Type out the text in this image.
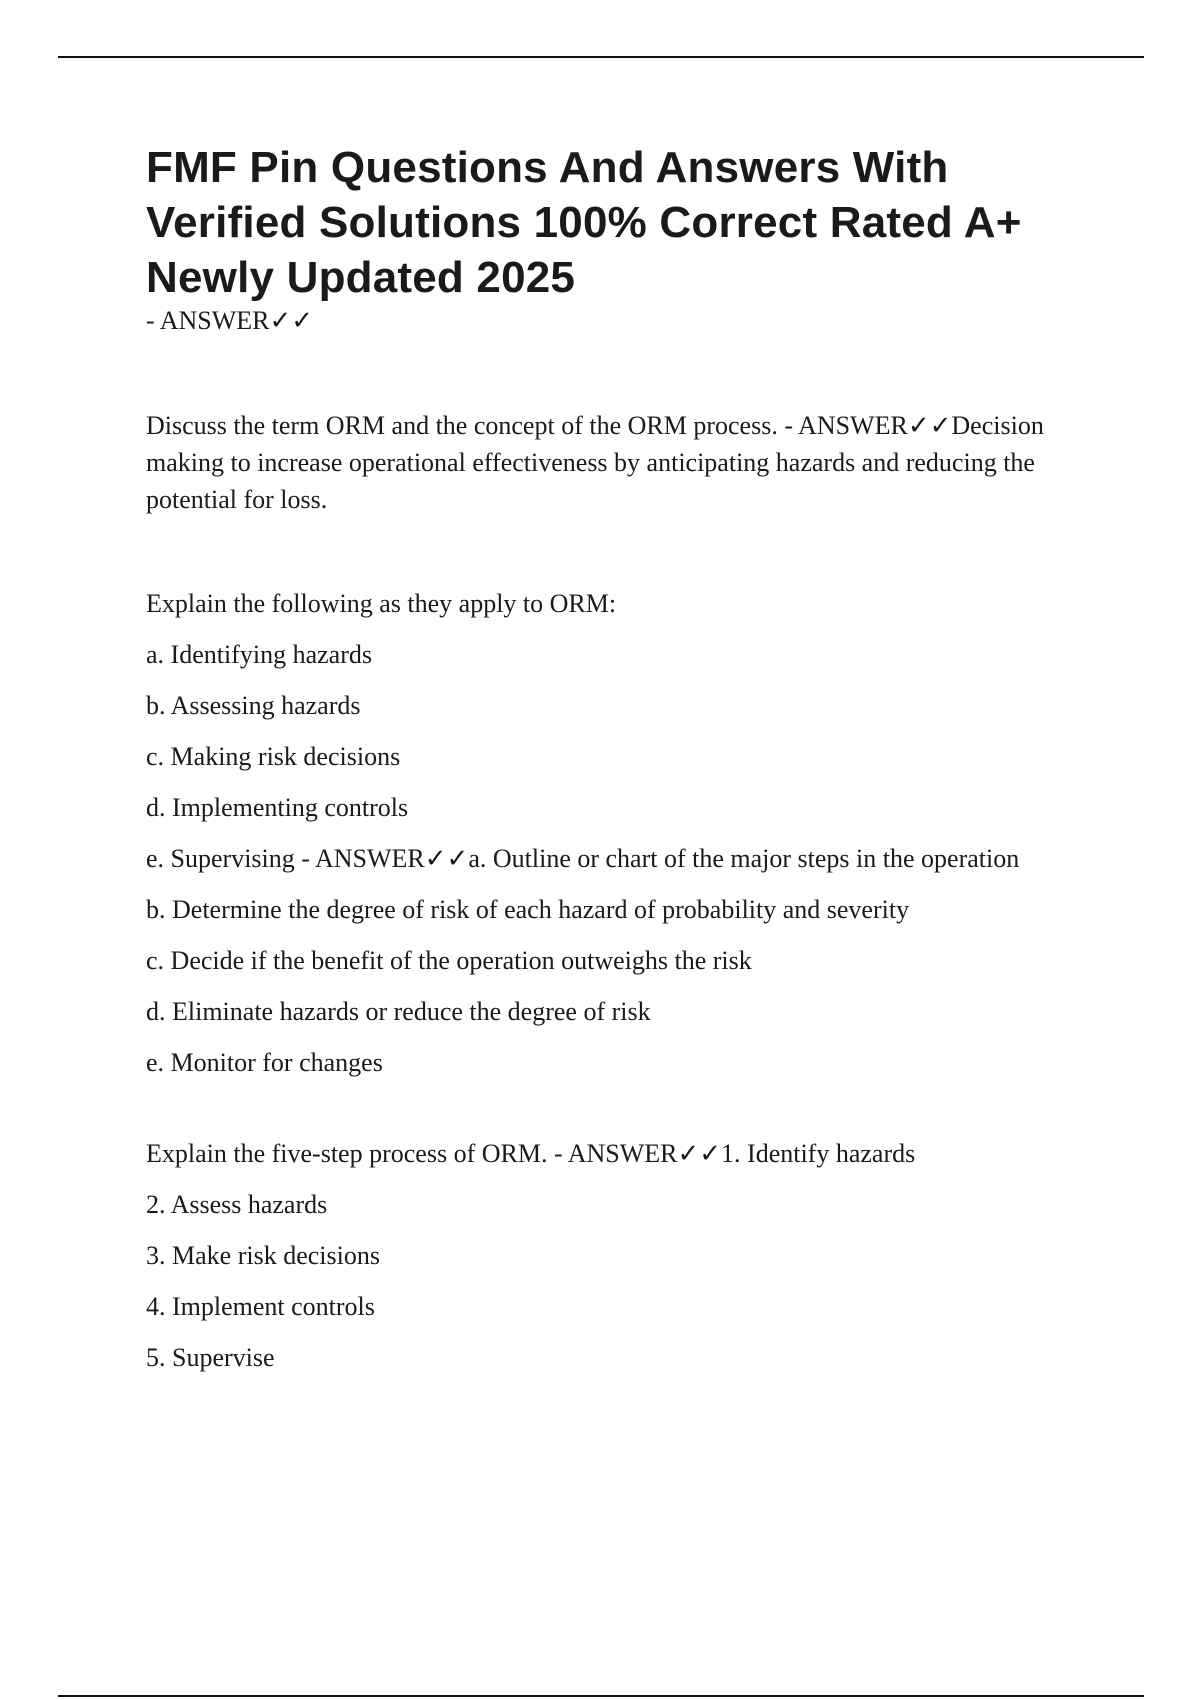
FMF Pin Questions And Answers With Verified Solutions 100% Correct Rated A+ Newly Updated 2025

- ANSWER✓✓

Discuss the term ORM and the concept of the ORM process. - ANSWER✓✓Decision making to increase operational effectiveness by anticipating hazards and reducing the potential for loss.

Explain the following as they apply to ORM:

a. Identifying hazards

b. Assessing hazards

c. Making risk decisions

d. Implementing controls

e. Supervising - ANSWER✓✓a. Outline or chart of the major steps in the operation

b. Determine the degree of risk of each hazard of probability and severity

c. Decide if the benefit of the operation outweighs the risk

d. Eliminate hazards or reduce the degree of risk

e. Monitor for changes

Explain the five-step process of ORM. - ANSWER✓✓1. Identify hazards

2. Assess hazards

3. Make risk decisions

4. Implement controls

5. Supervise
